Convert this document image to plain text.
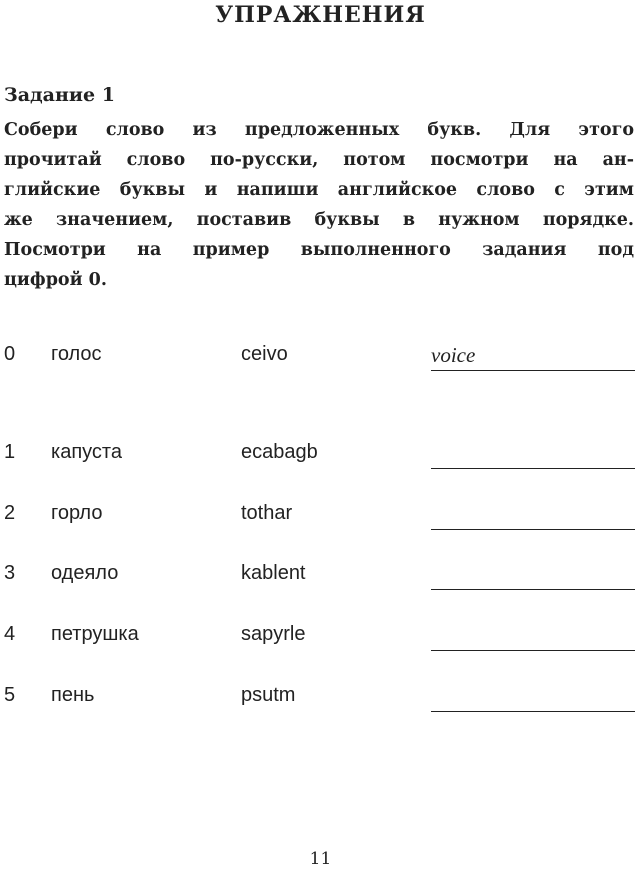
УПРАЖНЕНИЯ
Задание 1
Собери слово из предложенных букв. Для этого
прочитай слово по-русски, потом посмотри на ан-
глийские буквы и напиши английское слово с этим
же значением, поставив буквы в нужном порядке.
Посмотри на пример выполненного задания под
цифрой 0.
0 голос	ceivo	voice
1 капуста	ecabagb
2 горло	tothar
3 одеяло	kablent
4 петрушка	sapyrle
5 пень	psutm
11
